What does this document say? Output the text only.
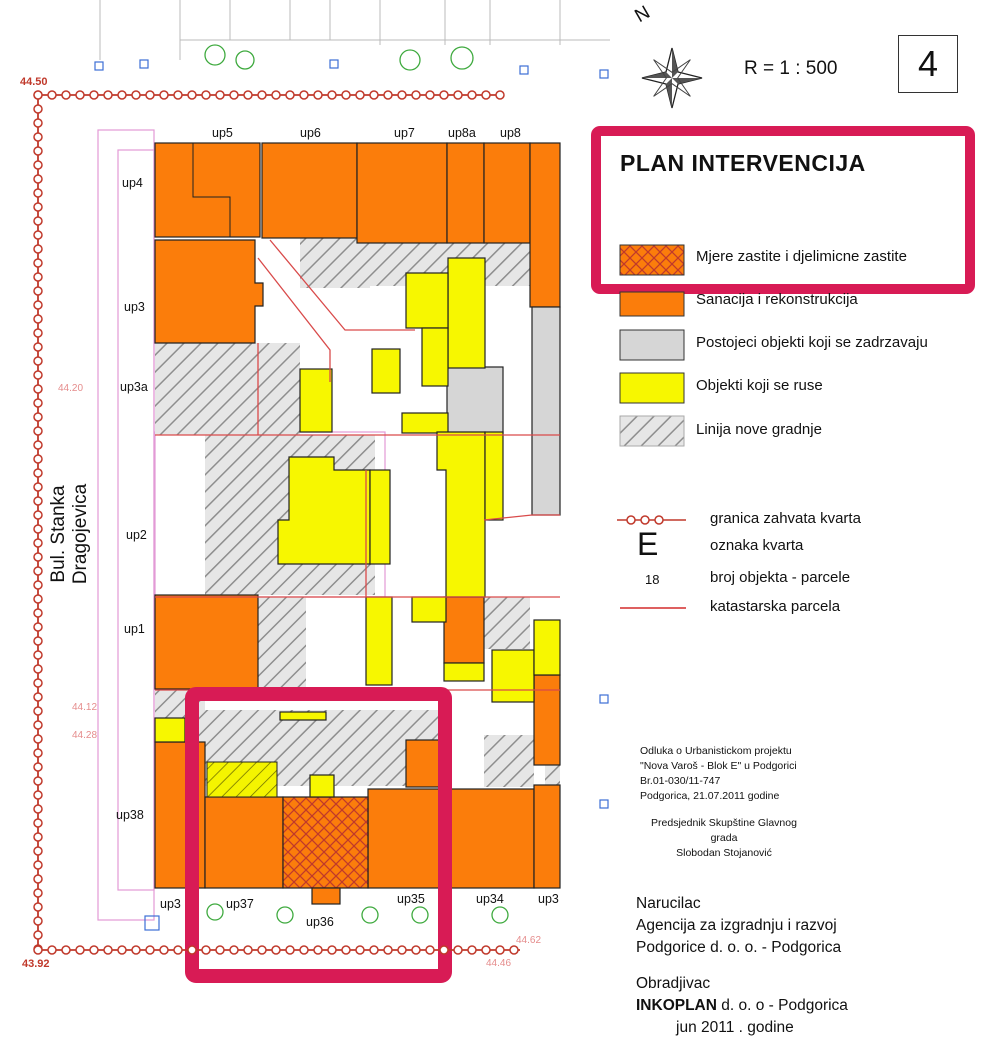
R = 1 : 500	4
N
PLAN INTERVENCIJA
Mjere zastite i djelimicne zastite
Sanacija i rekonstrukcija
Postojeci objekti koji se zadrzavaju
Objekti koji se ruse
Linija nove gradnje
granica zahvata kvarta
E	oznaka kvarta
18	broj objekta - parcele
katastarska parcela
Odluka o Urbanistickom projektu
"Nova Varoš - Blok E" u Podgorici
Br.01-030/11-747
Podgorica, 21.07.2011 godine
Predsjednik Skupštine Glavnog grada
Slobodan Stojanović
Narucilac
Agencija za izgradnju i razvoj
Podgorice d. o. o. - Podgorica
Obradjivac
INKOPLAN d. o. o - Podgorica
jun 2011 . godine
Bul. Stanka Dragojevica
up5	up6	up7	up8a up8
up4
up3
up3a
up2
up1
up38
up3	up37
up36
up35	up34	up3
44.50
43.92
44.20
44.12
44.28
44.62
44.46
